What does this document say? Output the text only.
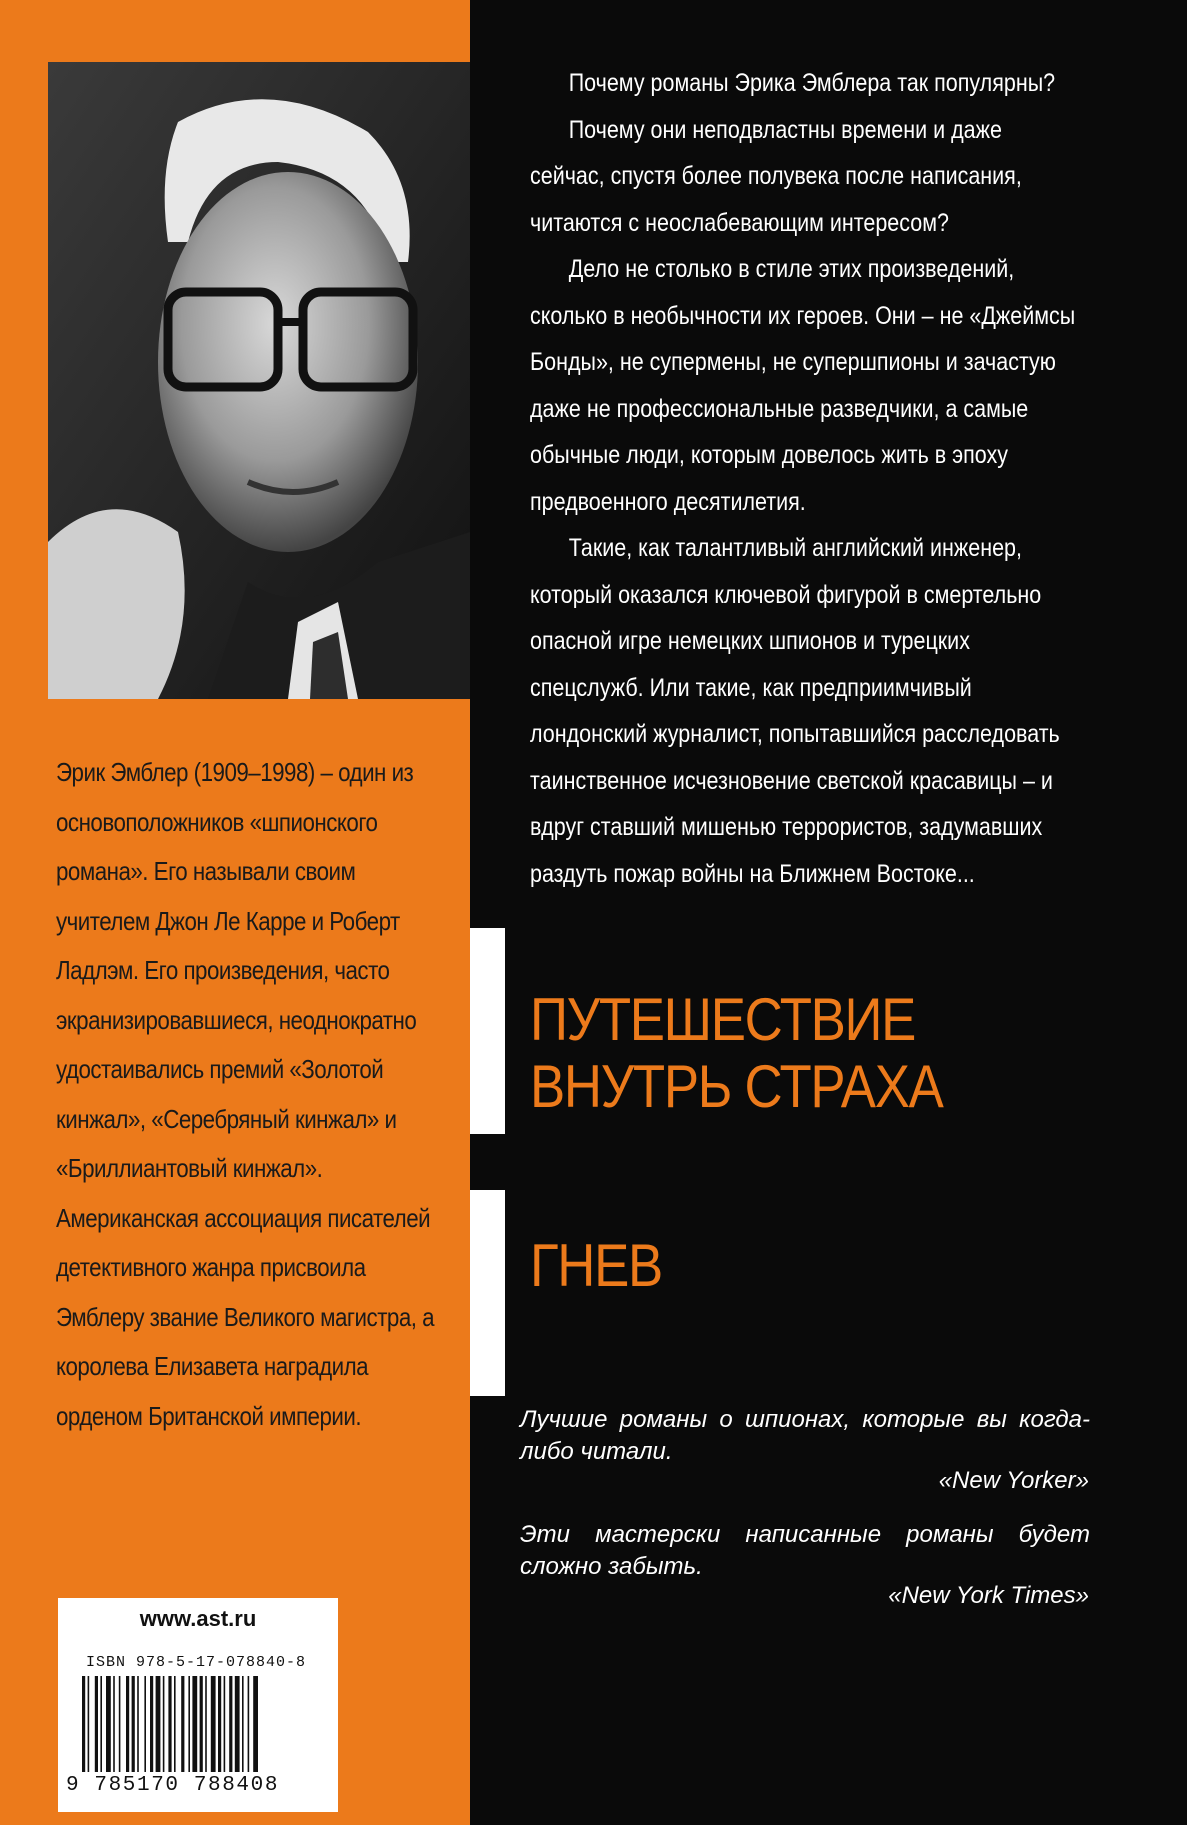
Эрик Эмблер (1909–1998) – один из основоположников «шпионского романа». Его называли своим учителем Джон Ле Карре и Роберт Ладлэм. Его произведения, часто экранизировавшиеся, неоднократно удостаивались премий «Золотой кинжал», «Серебряный кинжал» и «Бриллиантовый кинжал». Американская ассоциация писателей детективного жанра присвоила Эмблеру звание Великого магистра, а королева Елизавета наградила орденом Британской империи.

www.ast.ru
ISBN 978-5-17-078840-8
9 785170 788408

Почему романы Эрика Эмблера так популярны?

Почему они неподвластны времени и даже сейчас, спустя более полувека после написания, читаются с неослабевающим интересом?

Дело не столько в стиле этих произведений, сколько в необычности их героев. Они – не «Джеймсы Бонды», не супермены, не супершпионы и зачастую даже не профессиональные разведчики, а самые обычные люди, которым довелось жить в эпоху предвоенного десятилетия.

Такие, как талантливый английский инженер, который оказался ключевой фигурой в смертельно опасной игре немецких шпионов и турецких спецслужб. Или такие, как предприимчивый лондонский журналист, попытавшийся расследовать таинственное исчезновение светской красавицы – и вдруг ставший мишенью террористов, задумавших раздуть пожар войны на Ближнем Востоке...

ПУТЕШЕСТВИЕ
ВНУТРЬ СТРАХА
ГНЕВ
Лучшие романы о шпионах, которые вы когда-либо читали.
«New Yorker»
Эти мастерски написанные романы будет сложно забыть.
«New York Times»
